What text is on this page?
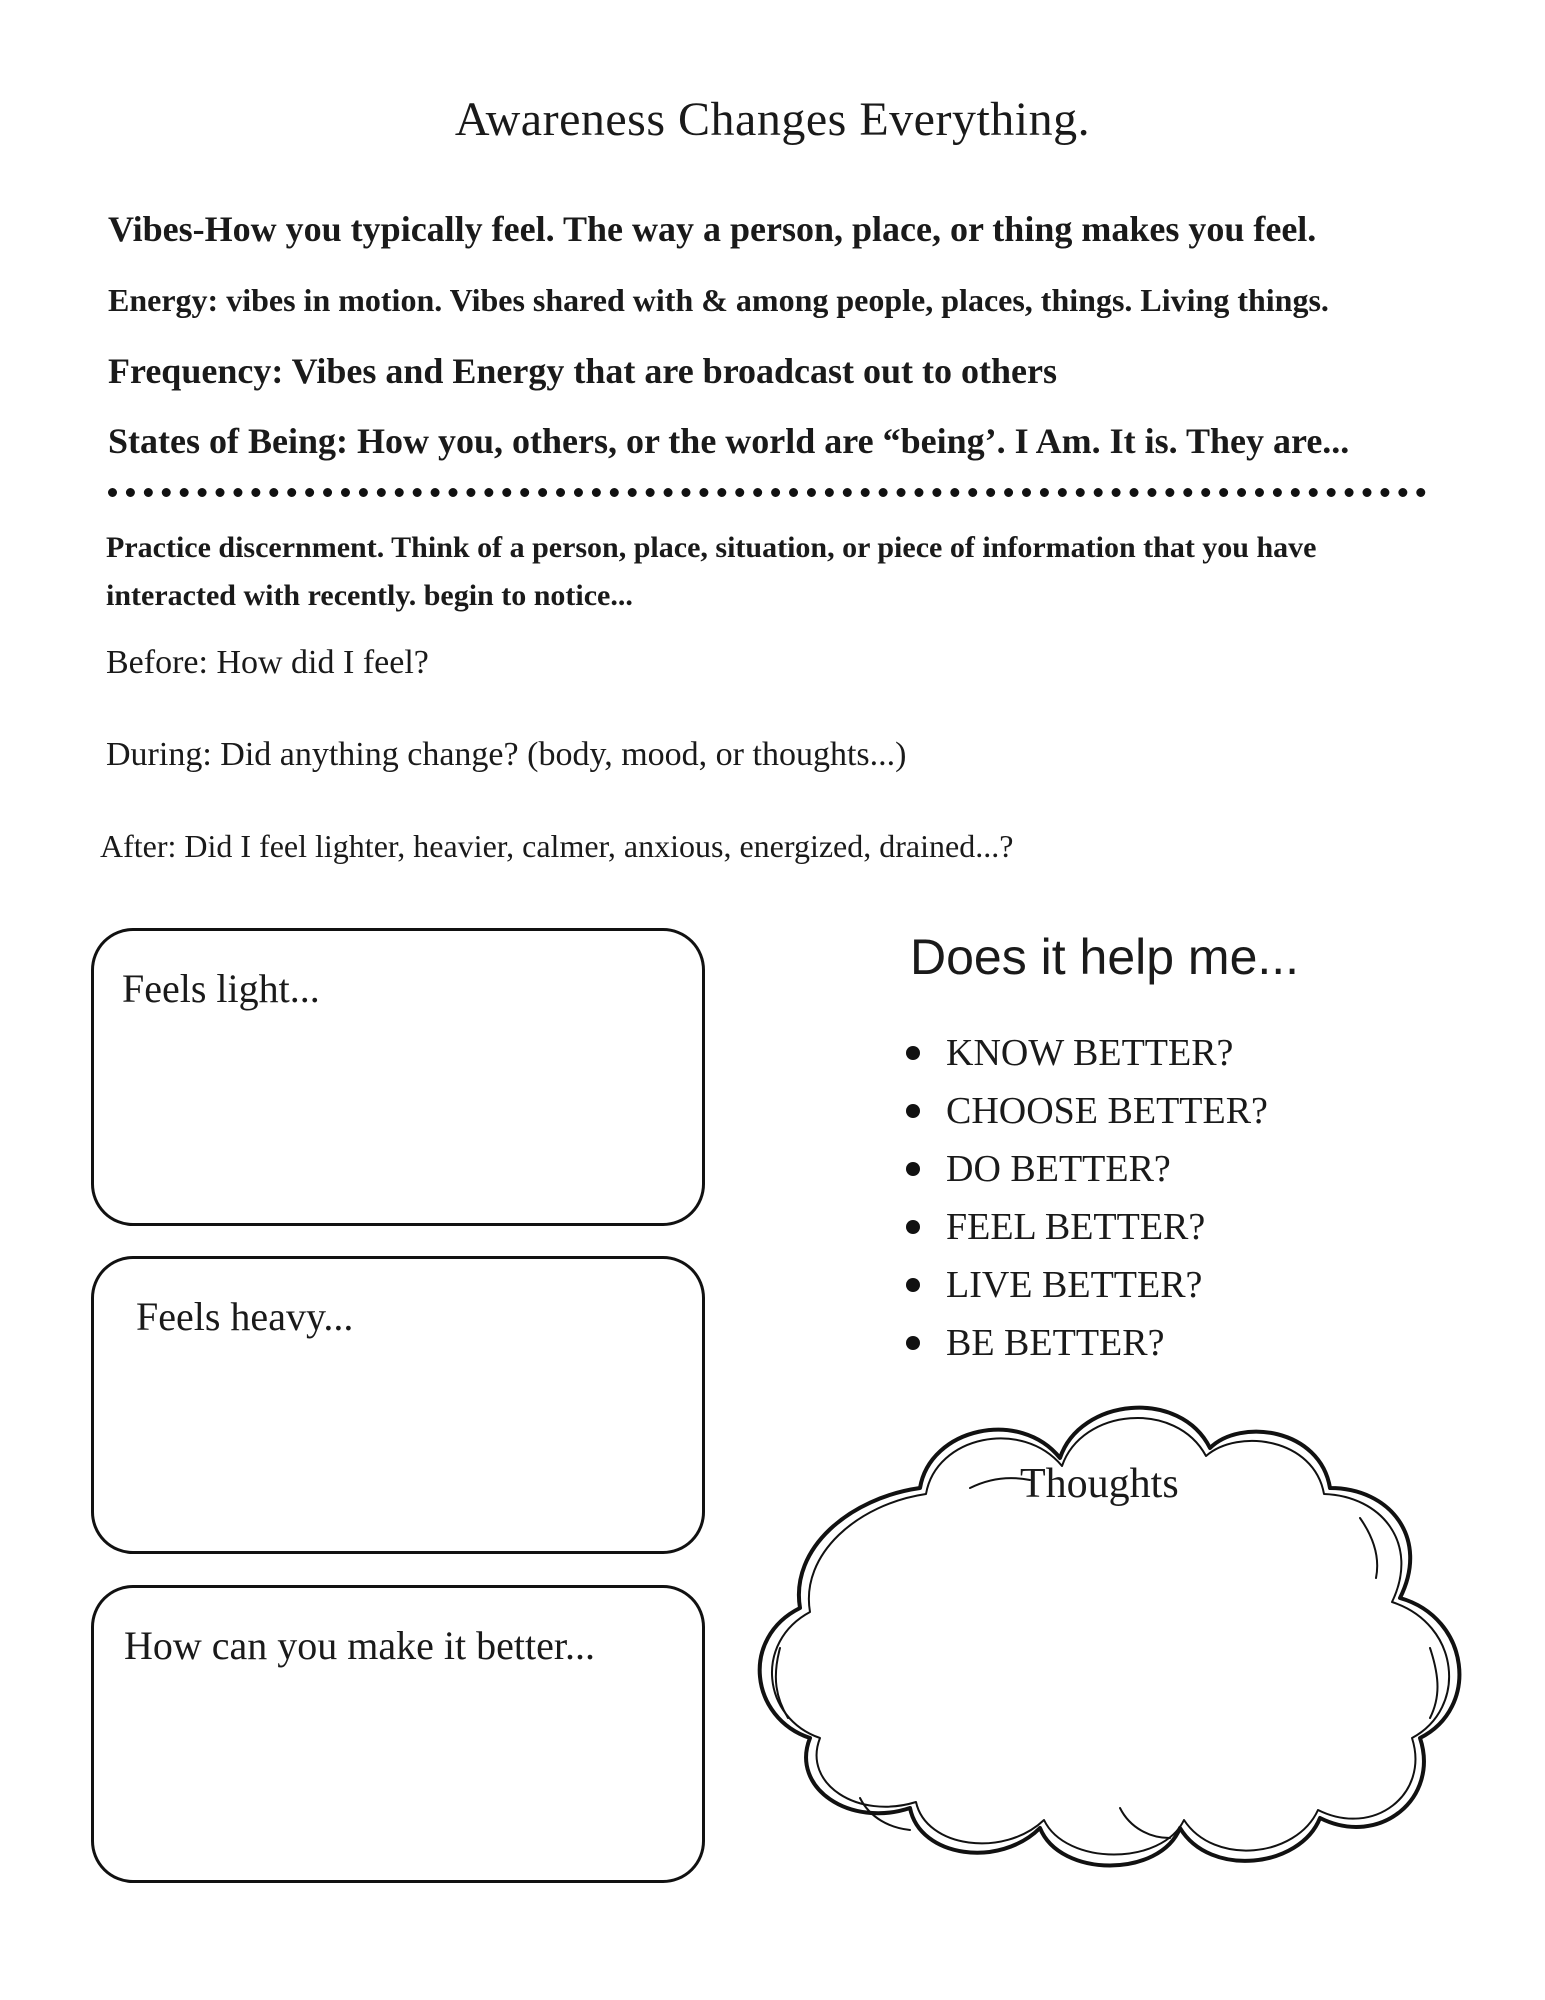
Awareness Changes Everything.

Vibes-How you typically feel. The way a person, place, or thing makes you feel.

Energy: vibes in motion. Vibes shared with & among people, places, things. Living things.

Frequency: Vibes and Energy that are broadcast out to others

States of Being: How you, others, or the world are “being’. I Am. It is. They are...

Practice discernment. Think of a person, place, situation, or piece of information that you have interacted with recently. begin to notice...

Before: How did I feel?

During: Did anything change? (body, mood, or thoughts...)

After: Did I feel lighter, heavier, calmer, anxious, energized, drained...?

Feels light...

Feels heavy...

How can you make it better...

Does it help me...
KNOW BETTER?
CHOOSE BETTER?
DO BETTER?
FEEL BETTER?
LIVE BETTER?
BE BETTER?

Thoughts
